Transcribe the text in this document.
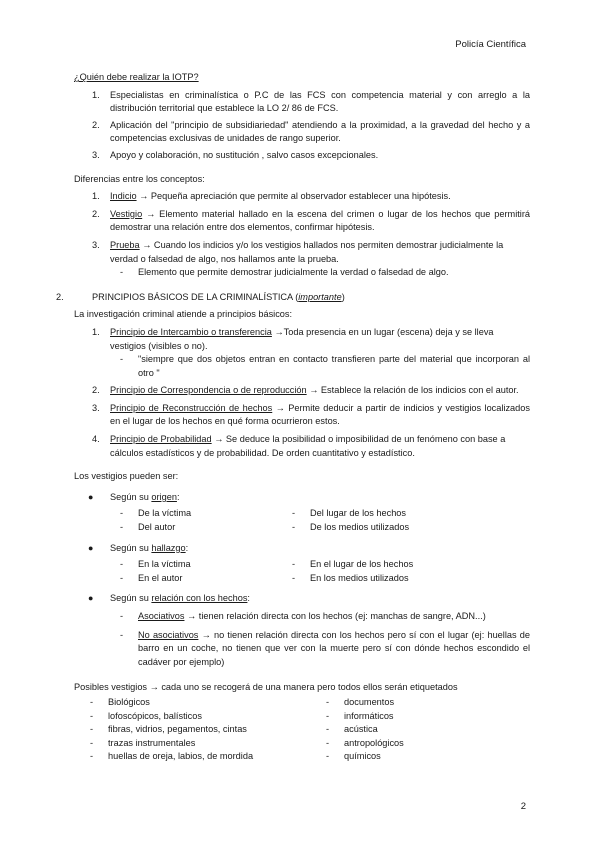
Policía Científica

¿Quién debe realizar la IOTP?

1. Especialistas en criminalística o P.C de las FCS con competencia material y con arreglo a la distribución territorial que establece la LO 2/ 86 de FCS.
2. Aplicación del "principio de subsidiariedad" atendiendo a la proximidad, a la gravedad del hecho y a competencias exclusivas de unidades de rango superior.
3. Apoyo y colaboración, no sustitución , salvo casos excepcionales.

Diferencias entre los conceptos:

1. Indicio → Pequeña apreciación que permite al observador establecer una hipótesis.
2. Vestigio → Elemento material hallado en la escena del crimen o lugar de los hechos que permitirá demostrar una relación entre dos elementos, confirmar hipótesis.
3. Prueba → Cuando los indicios y/o los vestigios hallados nos permiten demostrar judicialmente la verdad o falsedad de algo, nos hallamos ante la prueba.
- Elemento que permite demostrar judicialmente la verdad o falsedad de algo.

2.	PRINCIPIOS BÁSICOS DE LA CRIMINALÍSTICA (importante)

La investigación criminal atiende a principios básicos:

1. Principio de Intercambio o transferencia →Toda presencia en un lugar (escena) deja y se lleva vestigios (visibles o no).
- "siempre que dos objetos entran en contacto transfieren parte del material que incorporan al otro "
2. Principio de Correspondencia o de reproducción → Establece la relación de los indicios con el autor.
3. Principio de Reconstrucción de hechos → Permite deducir a partir de indicios y vestigios localizados en el lugar de los hechos en qué forma ocurrieron estos.
4. Principio de Probabilidad → Se deduce la posibilidad o imposibilidad de un fenómeno con base a cálculos estadísticos y de probabilidad. De orden cuantitativo y estadístico.

Los vestigios pueden ser:

● Según su origen:
- De la víctima	- Del lugar de los hechos
- Del autor	- De los medios utilizados
● Según su hallazgo:
- En la víctima	- En el lugar de los hechos
- En el autor	- En los medios utilizados
● Según su relación con los hechos:
- Asociativos → tienen relación directa con los hechos (ej: manchas de sangre, ADN...)
- No asociativos → no tienen relación directa con los hechos pero sí con el lugar (ej: huellas de barro en un coche, no tienen que ver con la muerte pero sí con dónde hechos escondido el cadáver por ejemplo)

Posibles vestigios → cada uno se recogerá de una manera pero todos ellos serán etiquetados

- Biológicos	- documentos
- lofoscópicos, balísticos	- informáticos
- fibras, vidrios, pegamentos, cintas	- acústica
- trazas instrumentales	- antropológicos
- huellas de oreja, labios, de mordida	- químicos
2
